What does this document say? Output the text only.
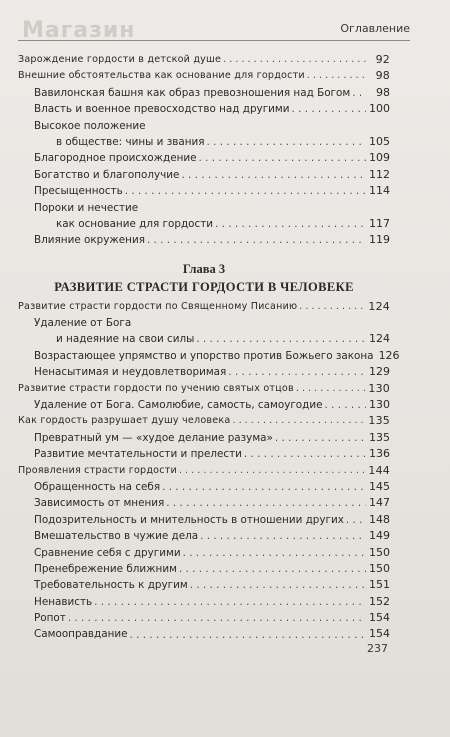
Магазин	Оглавление
Зарождение гордости в детской душе . . .	92
Внешние обстоятельства как основание для гордости . . .	98
Вавилонская башня как образ превозношения над Богом . . .	98
Власть и военное превосходство над другими . . .	100
Высокое положение
в обществе: чины и звания . . .	105
Благородное происхождение . . .	109
Богатство и благополучие . . .	112
Пресыщенность . . .	114
Пороки и нечестие
как основание для гордости . . .	117
Влияние окружения . . .	119
Глава 3
РАЗВИТИЕ СТРАСТИ ГОРДОСТИ В ЧЕЛОВЕКЕ
Развитие страсти гордости по Священному Писанию . . .	124
Удаление от Бога
и надеяние на свои силы . . .	124
Возрастающее упрямство и упорство против Божьего закона 126
Ненасытимая и неудовлетворимая . . .	129
Развитие страсти гордости по учению святых отцов . . .	130
Удаление от Бога. Самолюбие, самость, самоугодие . . .	130
Как гордость разрушает душу человека . . .	135
Превратный ум — «худое делание разума» . . .	135
Развитие мечтательности и прелести . . .	136
Проявления страсти гордости . . .	144
Обращенность на себя . . .	145
Зависимость от мнения . . .	147
Подозрительность и мнительность в отношении других . . . 148
Вмешательство в чужие дела . . .	149
Сравнение себя с другими . . .	150
Пренебрежение ближним . . .	150
Требовательность к другим . . .	151
Ненависть . . .	152
Ропот . . .	154
Самооправдание . . .	154
237
